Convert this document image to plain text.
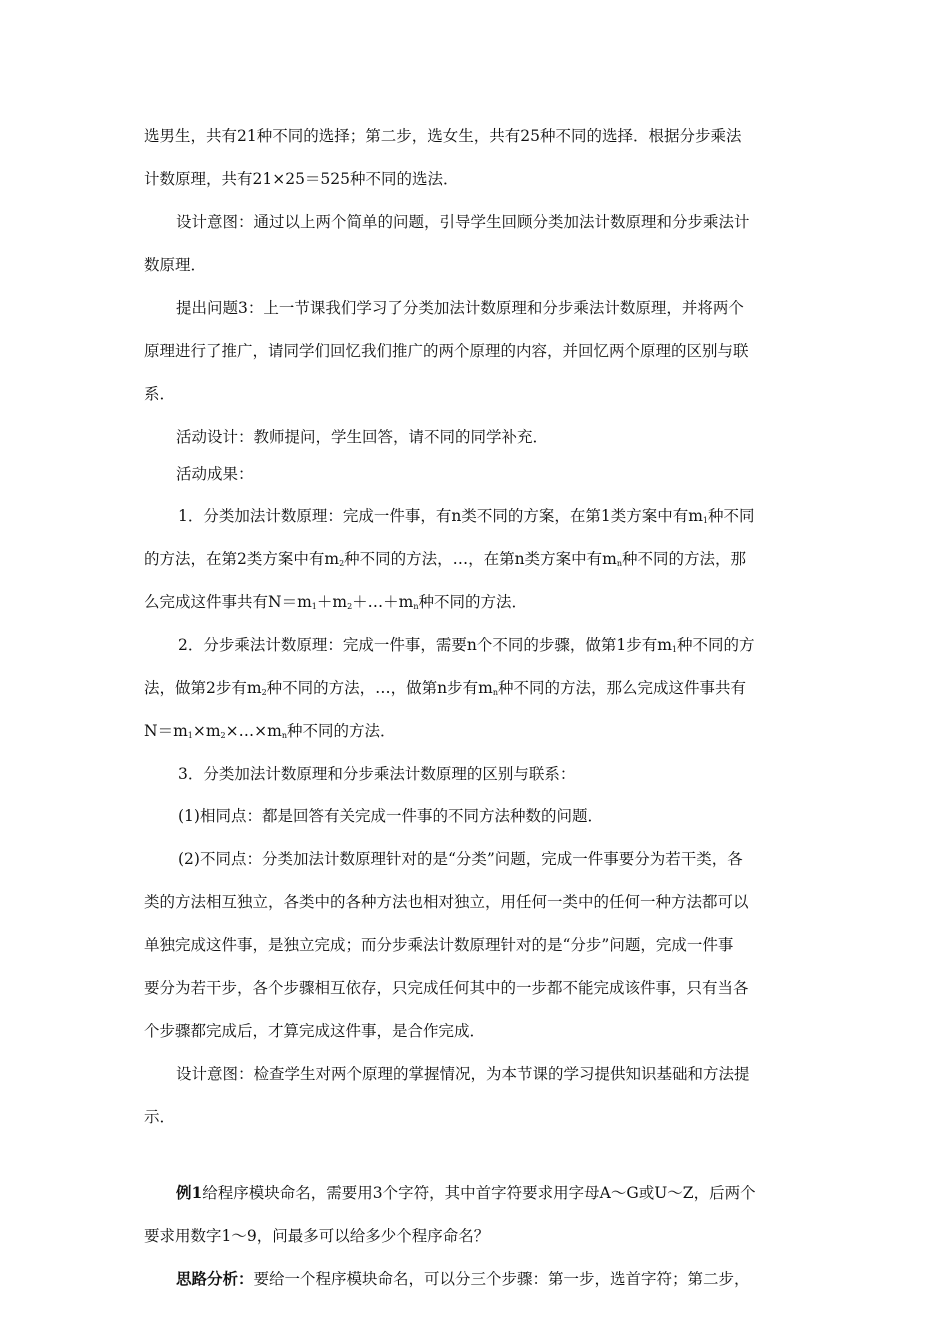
选男生，共有21种不同的选择；第二步，选女生，共有25种不同的选择．根据分步乘法
计数原理，共有21×25＝525种不同的选法．
设计意图：通过以上两个简单的问题，引导学生回顾分类加法计数原理和分步乘法计
数原理．
提出问题3：上一节课我们学习了分类加法计数原理和分步乘法计数原理，并将两个
原理进行了推广，请同学们回忆我们推广的两个原理的内容，并回忆两个原理的区别与联
系．
活动设计：教师提问，学生回答，请不同的同学补充．
活动成果：
1．分类加法计数原理：完成一件事，有n类不同的方案，在第1类方案中有$m_1$种不同
的方法，在第2类方案中有$m_2$种不同的方法，…，在第n类方案中有$m_n$种不同的方法，那
么完成这件事共有$N=m_1+m_2+\dots+m_n$种不同的方法．
2．分步乘法计数原理：完成一件事，需要n个不同的步骤，做第1步有$m_1$种不同的方
法，做第2步有$m_2$种不同的方法，…，做第n步有$m_n$种不同的方法，那么完成这件事共有
$N=m_1\times m_2\times\dots\times m_n$种不同的方法．
3．分类加法计数原理和分步乘法计数原理的区别与联系：
(1)相同点：都是回答有关完成一件事的不同方法种数的问题．
(2)不同点：分类加法计数原理针对的是“分类”问题，完成一件事要分为若干类，各
类的方法相互独立，各类中的各种方法也相对独立，用任何一类中的任何一种方法都可以
单独完成这件事，是独立完成；而分步乘法计数原理针对的是“分步”问题，完成一件事
要分为若干步，各个步骤相互依存，只完成任何其中的一步都不能完成该件事，只有当各
个步骤都完成后，才算完成这件事，是合作完成．
设计意图：检查学生对两个原理的掌握情况，为本节课的学习提供知识基础和方法提
示．
例1给程序模块命名，需要用3个字符，其中首字符要求用字母A～G或U～Z，后两个
要求用数字1～9，问最多可以给多少个程序命名？
思路分析：要给一个程序模块命名，可以分三个步骤：第一步，选首字符；第二步，
